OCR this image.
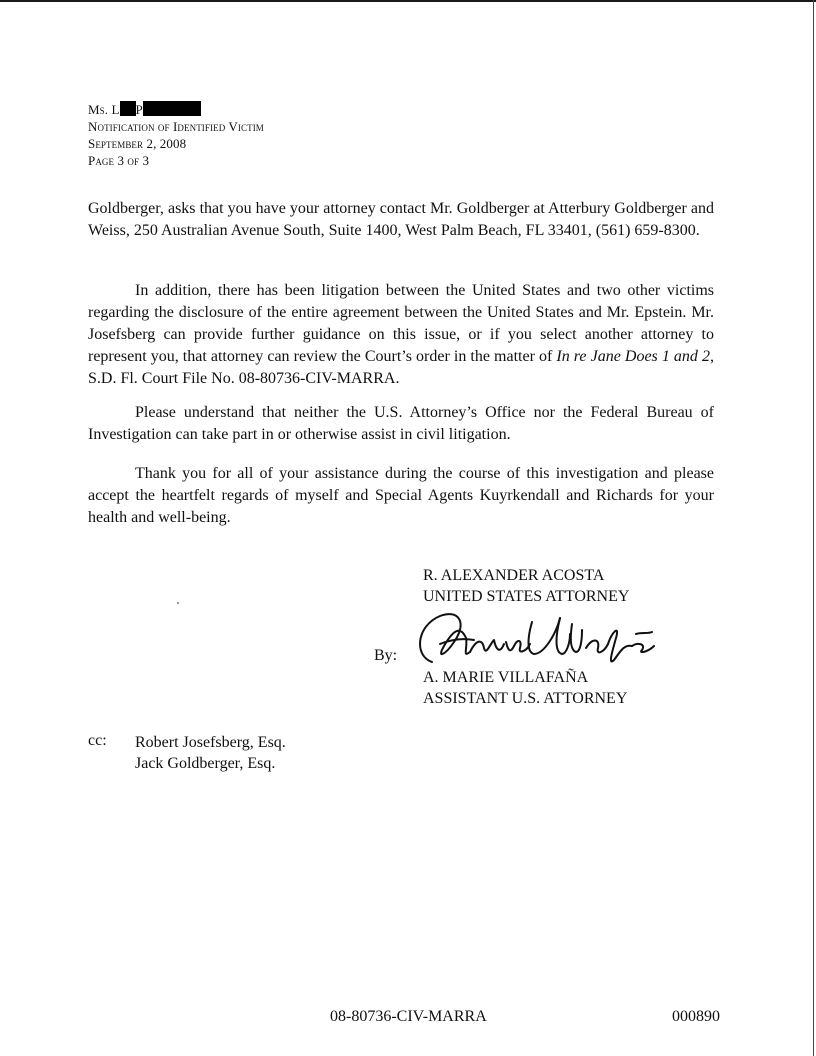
Ms. L P
Notification of Identified Victim
September 2, 2008
Page 3 of 3
Goldberger, asks that you have your attorney contact Mr. Goldberger at Atterbury Goldberger and Weiss, 250 Australian Avenue South, Suite 1400, West Palm Beach, FL 33401, (561) 659-8300.
In addition, there has been litigation between the United States and two other victims regarding the disclosure of the entire agreement between the United States and Mr. Epstein. Mr. Josefsberg can provide further guidance on this issue, or if you select another attorney to represent you, that attorney can review the Court’s order in the matter of In re Jane Does 1 and 2, S.D. Fl. Court File No. 08-80736-CIV-MARRA.
Please understand that neither the U.S. Attorney’s Office nor the Federal Bureau of Investigation can take part in or otherwise assist in civil litigation.
Thank you for all of your assistance during the course of this investigation and please accept the heartfelt regards of myself and Special Agents Kuyrkendall and Richards for your health and well-being.
R. ALEXANDER ACOSTA
UNITED STATES ATTORNEY
By:
A. MARIE VILLAFAÑA
ASSISTANT U.S. ATTORNEY
cc: Robert Josefsberg, Esq.
Jack Goldberger, Esq.
08-80736-CIV-MARRA	000890
